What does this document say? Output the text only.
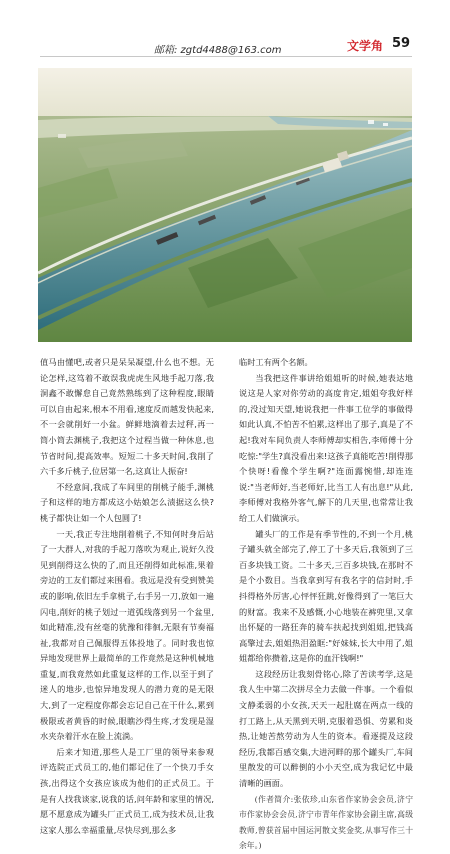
邮箱: zgtd4488@163.com	文学角 59

值马由懂吧,或者只是呆呆凝望,什么也不想。无论怎样,这笃着不敢误我虎虎生风地手起刀落,我洞鑫不敢懈怠自己竟然熟练到了这种程度,眼睛可以自由起来,根本不用看,速度反而越发快起来,不一会就削好一小盆。鲜鲜地滴着去过秤,再一筒小筒去渊桃子,我把这个过程当做一种休息,也节省时间,提高效率。短短二十多天时间,我削了六千多斤桃子,位居第一名,这真让人振奋!

不经意间,我成了车间里的削桃子能手,渊桃子和这样的地方都成这小姑娘怎么渍据这么快?桃子都快让如一个人包圆了!

一天,我正专注地削着桃子,不知何时身后站了一大群人,对我的手起刀落吹为观止,说好久没见到削得这么快的了,而且还削得如此标准,果着旁边的工友们都过来围看。我远是没有受到赞美或的影响,依旧左手拿桃子,右手另一刀,放如一遍闪电,削好的桃子划过一道弧线落到另一个盆里,如此精准,没有丝毫的犹豫和徘徊,无限有节奏福祉,我都对自己佩服得五体投地了。同时我也惊异地发现世界上最简单的工作竟然是这种机械地重复,而我竟然如此重复这样的工作,以至于到了迷人的地步,也惊异地发现人的潜力竟的是无限大,到了一定程度你都会忘记自己在干什么,累到极限或者黄昏的时候,眼瞧沙得生疼,才发现是湿水夹杂着汗水在脸上流淌。

后来才知道,那些人是工厂里的领导来参观评选院正式员工的,他们都记住了一个快刀手女孩,出得这个女孩应该成为他们的正式员工。于是有人找我谈家,说我的话,问年龄和家里的情况,愿不愿意成为罐头厂正式员工,成为技术员,让我这家人那么幸福重量,尽快尽到,那么多

临时工有两个名额。

当我把这件事讲给姐姐听的时候,她表达地说这是人家对你劳动的高度肯定,姐姐夸我好样的,没过知天望,她说我把一件事工位学的事做得如此认真,不怕苦不怕累,这样出了那子,真是了不起!我对车间负责人李师傅却实相告,李师傅十分吃惊:"学生?真没看出来!这孩子真能吃苦!削得那个快呀!看像个学生啊?"连面露惋惜,却连连说:"当老师好,当老师好,比当工人有出息!"从此,李师傅对我格外客气,解下的几天里,也常常让我给工人们做演示。

罐头厂的工作是有季节性的,不到一个月,桃子罐头就全部完了,停工了十多天后,我领到了三百多块钱工资。二十多天,三百多块钱,在那时不是个小数目。当我拿到写有我名字的信封时,手抖得格外厉害,心怦怦狂跳,好像得到了一笔巨大的财富。我来不及感慨,小心地装在裤兜里,又拿出怀疑的一路狂奔的骑车扶起找到姐姐,把钱高高擎过去,姐姐热泪盈眶:"好妹妹,长大中用了,姐姐都给你攒着,这是你的血汗钱啊!"

这段经历让我刻骨铭心,除了苦读考学,这是我人生中第二次拼尽全力去做一件事。一个看似文静柔弱的小女孩,天天一起肚腐在两点一线的打工路上,从天黑到天明,克服着恐惧、劳累和炎热,让她苦熬劳动为人生的资本。看逐提及这段经历,我都百感交集,大进河畔的那个罐头厂,车间里散发的可以醉倒的小小天空,成为我记忆中最清晰的画面。

(作者简介:张依珍,山东省作家协会会员,济宁市作家协会会员,济宁市青年作家协会副主席,高级教师,曾获首届中国运河散文奖金奖,从事写作三十余年。)
